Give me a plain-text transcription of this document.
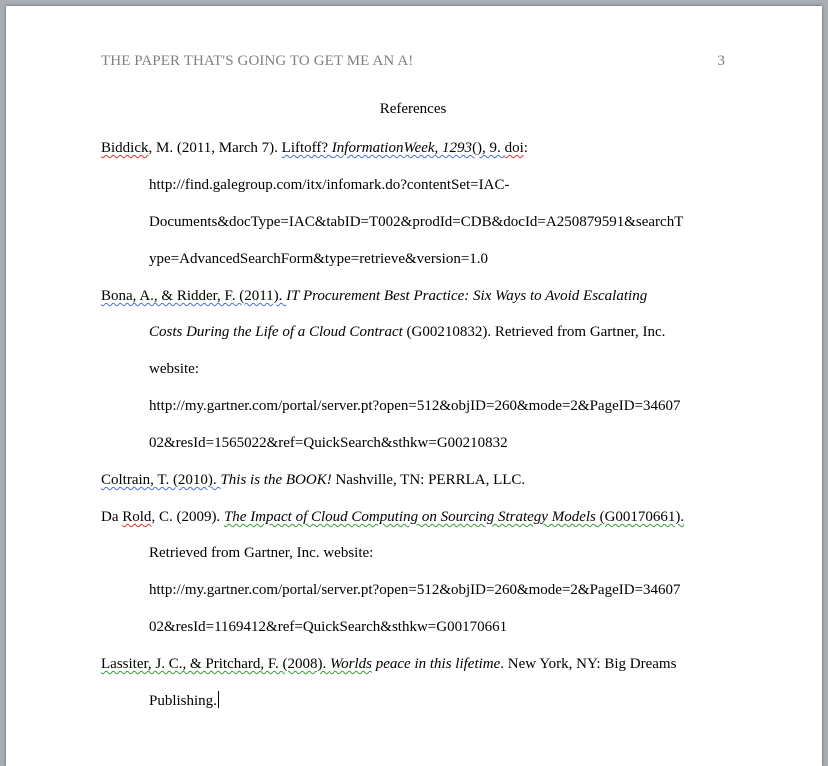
THE PAPER THAT'S GOING TO GET ME AN A!	3
References
Biddick, M. (2011, March 7). Liftoff? InformationWeek, 1293(), 9. doi:
http://find.galegroup.com/itx/infomark.do?contentSet=IAC-
Documents&docType=IAC&tabID=T002&prodId=CDB&docId=A250879591&searchT
ype=AdvancedSearchForm&type=retrieve&version=1.0
Bona, A., & Ridder, F. (2011). IT Procurement Best Practice: Six Ways to Avoid Escalating
Costs During the Life of a Cloud Contract (G00210832). Retrieved from Gartner, Inc.
website:
http://my.gartner.com/portal/server.pt?open=512&objID=260&mode=2&PageID=34607
02&resId=1565022&ref=QuickSearch&sthkw=G00210832
Coltrain, T. (2010). This is the BOOK! Nashville, TN: PERRLA, LLC.
Da Rold, C. (2009). The Impact of Cloud Computing on Sourcing Strategy Models (G00170661).
Retrieved from Gartner, Inc. website:
http://my.gartner.com/portal/server.pt?open=512&objID=260&mode=2&PageID=34607
02&resId=1169412&ref=QuickSearch&sthkw=G00170661
Lassiter, J. C., & Pritchard, F. (2008). Worlds peace in this lifetime. New York, NY: Big Dreams
Publishing.
